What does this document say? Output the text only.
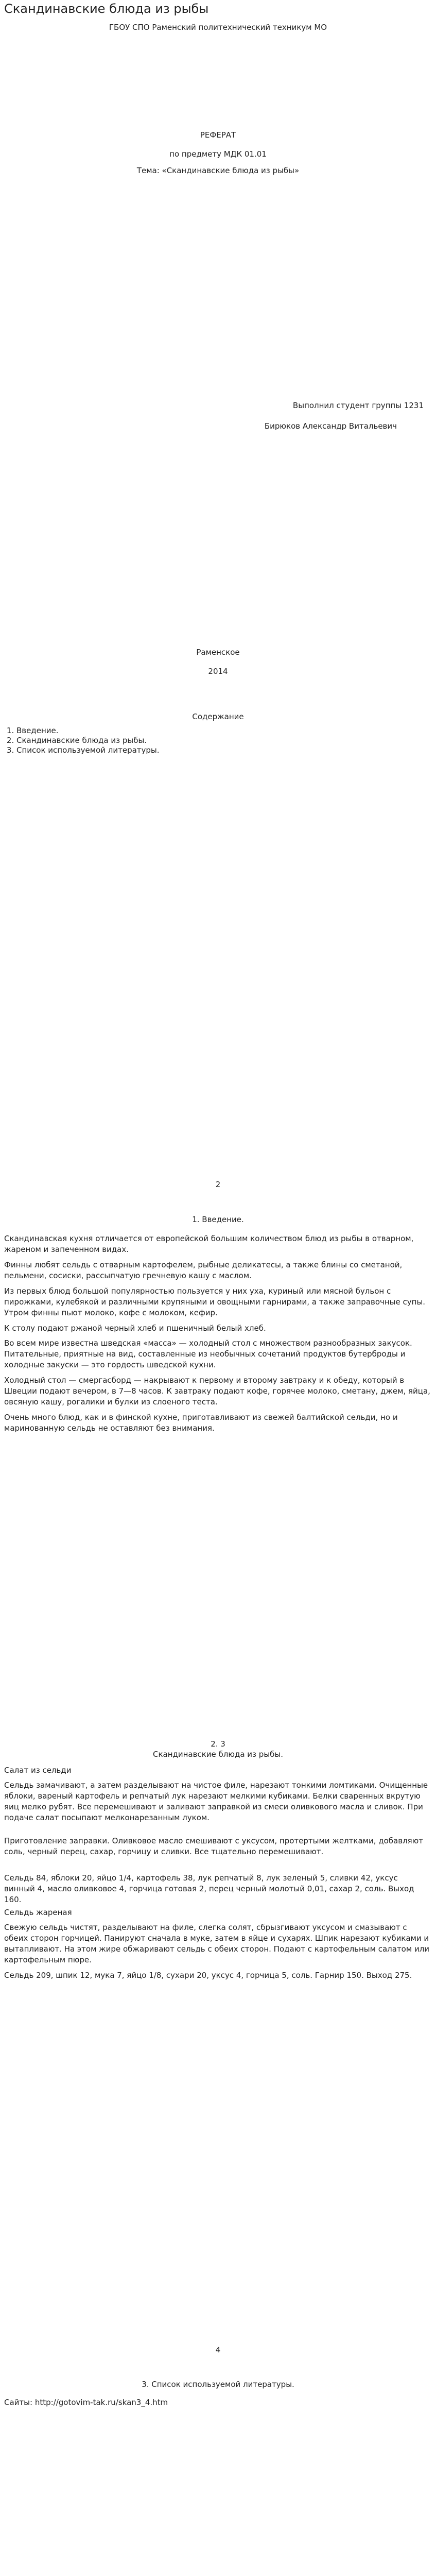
Скандинавские блюда из рыбы
ГБОУ СПО Раменский политехнический техникум МО
РЕФЕРАТ
по предмету МДК 01.01
Тема: «Скандинавские блюда из рыбы»
Выполнил студент группы 1231
Бирюков Александр Витальевич
Раменское
2014
Содержание
1. Введение.
2. Скандинавские блюда из рыбы.
3. Список используемой литературы.
2
1. Введение.

Скандинавская кухня отличается от европейской большим количеством блюд из рыбы в отварном, жареном и запеченном видах.

Финны любят сельдь с отварным картофелем, рыбные деликатесы, а также блины со сметаной, пельмени, сосиски, рассыпчатую гречневую кашу с маслом.

Из первых блюд большой популярностью пользуется у них уха, куриный или мясной бульон с пирожками, кулебякой и различными крупяными и овощными гарнирами, а также заправочные супы. Утром финны пьют молоко, кофе с молоком, кефир.

К столу подают ржаной черный хлеб и пшеничный белый хлеб.

Во всем мире известна шведская «масса» — холодный стол с множеством разнообразных закусок. Питательные, приятные на вид, составленные из необычных сочетаний продуктов бутерброды и холодные закуски — это гордость шведской кухни.

Холодный стол — смергасборд — накрывают к первому и второму завтраку и к обеду, который в Швеции подают вечером, в 7—8 часов. К завтраку подают кофе, горячее молоко, сметану, джем, яйца, овсяную кашу, рогалики и булки из слоеного теста.

Очень много блюд, как и в финской кухне, приготавливают из свежей балтийской сельди, но и маринованную сельдь не оставляют без внимания.

2. 3
Скандинавские блюда из рыбы.

Салат из сельди

Сельдь замачивают, а затем разделывают на чистое филе, нарезают тонкими ломтиками. Очищенные яблоки, вареный картофель и репчатый лук нарезают мелкими кубиками. Белки сваренных вкрутую яиц мелко рубят. Все перемешивают и заливают заправкой из смеси оливкового масла и сливок. При подаче салат посыпают мелконарезанным луком.

Приготовление заправки. Оливковое масло смешивают с уксусом, протертыми желтками, добавляют соль, черный перец, сахар, горчицу и сливки. Все тщательно перемешивают.

Сельдь 84, яблоки 20, яйцо 1/4, картофель 38, лук репчатый 8, лук зеленый 5, сливки 42, уксус винный 4, масло оливковое 4, горчица готовая 2, перец черный молотый 0,01, сахар 2, соль. Выход 160.

Сельдь жареная

Свежую сельдь чистят, разделывают на филе, слегка солят, сбрызгивают уксусом и смазывают с обеих сторон горчицей. Панируют сначала в муке, затем в яйце и сухарях. Шпик нарезают кубиками и вытапливают. На этом жире обжаривают сельдь с обеих сторон. Подают с картофельным салатом или картофельным пюре.

Сельдь 209, шпик 12, мука 7, яйцо 1/8, сухари 20, уксус 4, горчица 5, соль. Гарнир 150. Выход 275.

4
3. Список используемой литературы.

Сайты: http://gotovim-tak.ru/skan3_4.htm
